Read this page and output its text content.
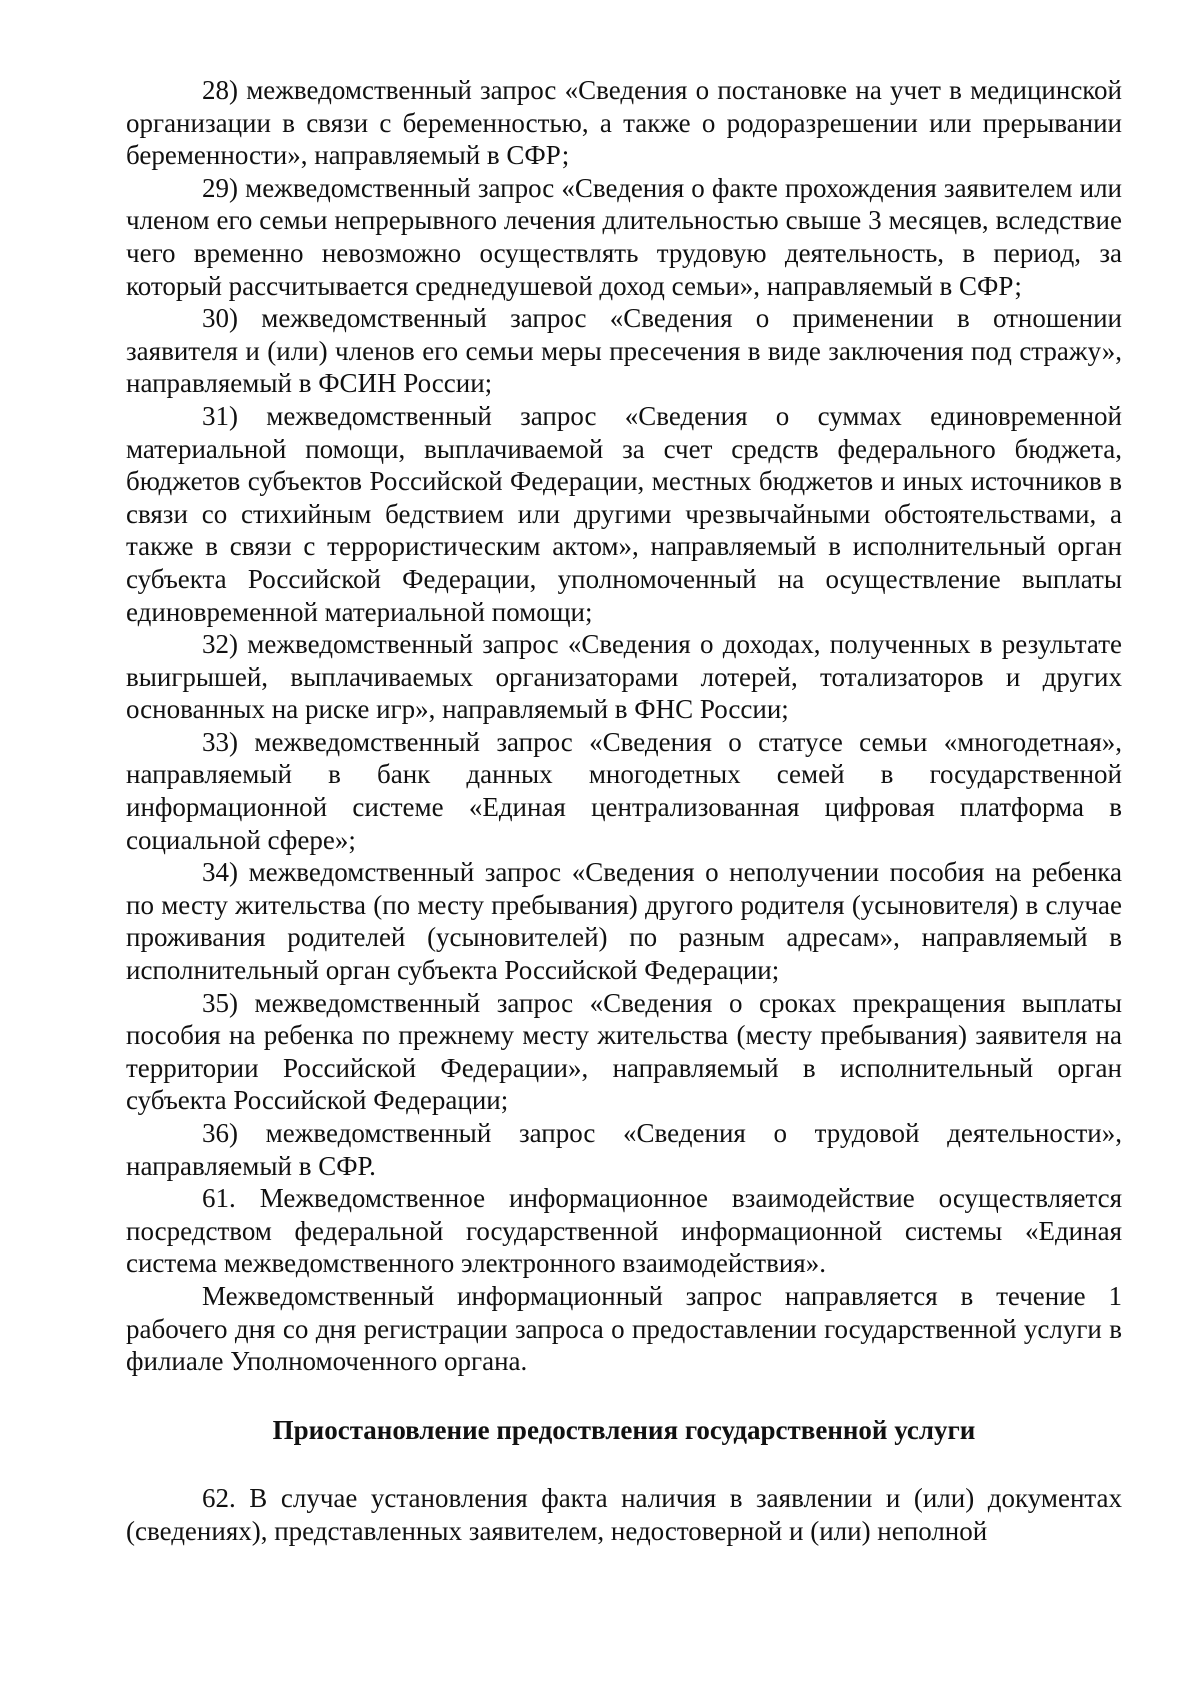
28) межведомственный запрос «Сведения о постановке на учет в медицинской организации в связи с беременностью, а также о родоразрешении или прерывании беременности», направляемый в СФР;

29) межведомственный запрос «Сведения о факте прохождения заявителем или членом его семьи непрерывного лечения длительностью свыше 3 месяцев, вследствие чего временно невозможно осуществлять трудовую деятельность, в период, за который рассчитывается среднедушевой доход семьи», направляемый в СФР;

30) межведомственный запрос «Сведения о применении в отношении заявителя и (или) членов его семьи меры пресечения в виде заключения под стражу», направляемый в ФСИН России;

31) межведомственный запрос «Сведения о суммах единовременной материальной помощи, выплачиваемой за счет средств федерального бюджета, бюджетов субъектов Российской Федерации, местных бюджетов и иных источников в связи со стихийным бедствием или другими чрезвычайными обстоятельствами, а также в связи с террористическим актом», направляемый в исполнительный орган субъекта Российской Федерации, уполномоченный на осуществление выплаты единовременной материальной помощи;

32) межведомственный запрос «Сведения о доходах, полученных в результате выигрышей, выплачиваемых организаторами лотерей, тотализаторов и других основанных на риске игр», направляемый в ФНС России;

33) межведомственный запрос «Сведения о статусе семьи «многодетная», направляемый в банк данных многодетных семей в государственной информационной системе «Единая централизованная цифровая платформа в социальной сфере»;

34) межведомственный запрос «Сведения о неполучении пособия на ребенка по месту жительства (по месту пребывания) другого родителя (усыновителя) в случае проживания родителей (усыновителей) по разным адресам», направляемый в исполнительный орган субъекта Российской Федерации;

35) межведомственный запрос «Сведения о сроках прекращения выплаты пособия на ребенка по прежнему месту жительства (месту пребывания) заявителя на территории Российской Федерации», направляемый в исполнительный орган субъекта Российской Федерации;

36) межведомственный запрос «Сведения о трудовой деятельности», направляемый в СФР.

61. Межведомственное информационное взаимодействие осуществляется посредством федеральной государственной информационной системы «Единая система межведомственного электронного взаимодействия».

Межведомственный информационный запрос направляется в течение 1 рабочего дня со дня регистрации запроса о предоставлении государственной услуги в филиале Уполномоченного органа.

Приостановление предоствления государственной услуги

62. В случае установления факта наличия в заявлении и (или) документах (сведениях), представленных заявителем, недостоверной и (или) неполной
